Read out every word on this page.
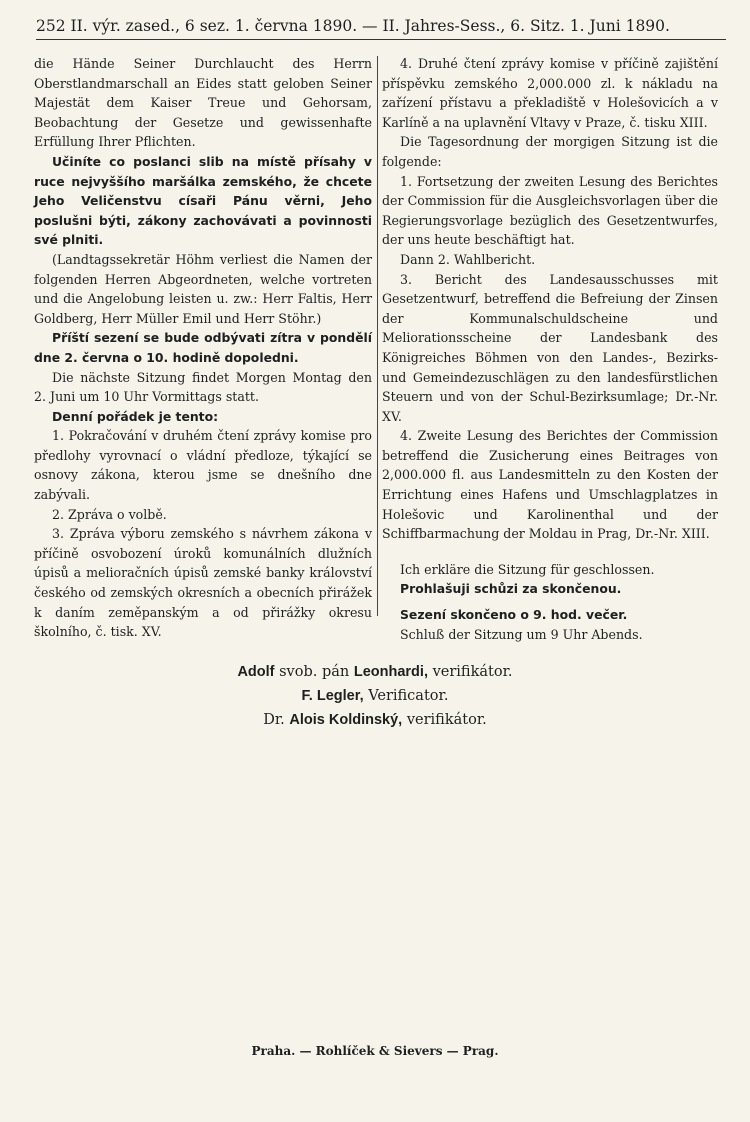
252 II. výr. zased., 6 sez. 1. června 1890. — II. Jahres-Sess., 6. Sitz. 1. Juni 1890.

die Hände Seiner Durchlaucht des Herrn Oberstlandmarschall an Eides statt geloben Seiner Majestät dem Kaiser Treue und Gehorsam, Beobachtung der Gesetze und gewissenhafte Erfüllung Ihrer Pflichten.

Učiníte co poslanci slib na místě přísahy v ruce nejvyššího maršálka zemského, že chcete Jeho Veličenstvu císaři Pánu věrni, Jeho poslušni býti, zákony zachovávati a povinnosti své plniti.

(Landtagssekretär Höhm verliest die Namen der folgenden Herren Abgeordneten, welche vortreten und die Angelobung leisten u. zw.: Herr Faltis, Herr Goldberg, Herr Müller Emil und Herr Stöhr.)

Příští sezení se bude odbývati zítra v pondělí dne 2. června o 10. hodině dopoledni.

Die nächste Sitzung findet Morgen Montag den 2. Juni um 10 Uhr Vormittags statt.

Denní pořádek je tento:

1. Pokračování v druhém čtení zprávy komise pro předlohy vyrovnací o vládní předloze, týkající se osnovy zákona, kterou jsme se dnešního dne zabývali.

2. Zpráva o volbě.

3. Zpráva výboru zemského s návrhem zákona v příčině osvobození úroků komunálních dlužních úpisů a melioračních úpisů zemské banky království českého od zemských okresních a obecních přirážek k daním zeměpanským a od přirážky okresu školního, č. tisk. XV.

4. Druhé čtení zprávy komise v příčině zajištění příspěvku zemského 2,000.000 zl. k nákladu na zařízení přístavu a překladiště v Holešovicích a v Karlíně a na uplavnění Vltavy v Praze, č. tisku XIII.

Die Tagesordnung der morgigen Sitzung ist die folgende:

1. Fortsetzung der zweiten Lesung des Berichtes der Commission für die Ausgleichsvorlagen über die Regierungsvorlage bezüglich des Gesetzentwurfes, der uns heute beschäftigt hat.

Dann 2. Wahlbericht.

3. Bericht des Landesausschusses mit Gesetzentwurf, betreffend die Befreiung der Zinsen der Kommunalschuldscheine und Meliorationsscheine der Landesbank des Königreiches Böhmen von den Landes-, Bezirks- und Gemeindezuschlägen zu den landesfürstlichen Steuern und von der Schul-Bezirksumlage; Dr.-Nr. XV.

4. Zweite Lesung des Berichtes der Commission betreffend die Zusicherung eines Beitrages von 2,000.000 fl. aus Landesmitteln zu den Kosten der Errichtung eines Hafens und Umschlagplatzes in Holešovic und Karolinenthal und der Schiffbarmachung der Moldau in Prag, Dr.-Nr. XIII.

Ich erkläre die Sitzung für geschlossen.

Prohlašuji schůzi za skončenou.

Sezení skončeno o 9. hod. večer.

Schluß der Sitzung um 9 Uhr Abends.

Adolf svob. pán Leonhardi, verifikátor.
F. Legler, Verificator.
Dr. Alois Koldinský, verifikátor.
Praha. — Rohlíček & Sievers — Prag.
